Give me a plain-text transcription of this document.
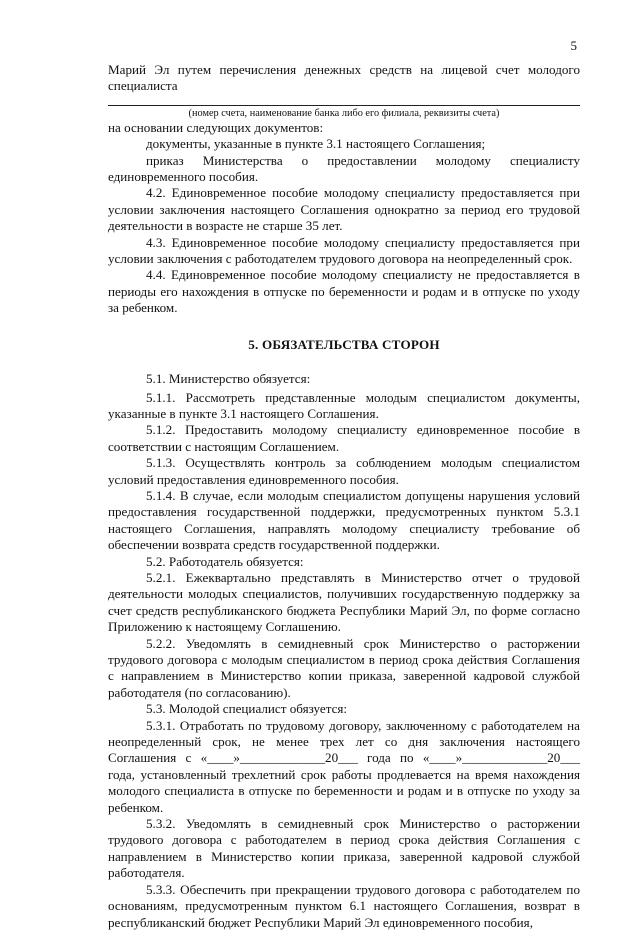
5

Марий Эл путем перечисления денежных средств на лицевой счет молодого специалиста

(номер счета, наименование банка либо его филиала, реквизиты счета)

на основании следующих документов:

документы, указанные в пункте 3.1 настоящего Соглашения;

приказ Министерства о предоставлении молодому специалисту единовременного пособия.

4.2. Единовременное пособие молодому специалисту предоставляется при условии заключения настоящего Соглашения однократно за период его трудовой деятельности в возрасте не старше 35 лет.

4.3. Единовременное пособие молодому специалисту предоставляется при условии заключения с работодателем трудового договора на неопределенный срок.

4.4. Единовременное пособие молодому специалисту не предоставляется в периоды его нахождения в отпуске по беременности и родам и в отпуске по уходу за ребенком.

5. ОБЯЗАТЕЛЬСТВА СТОРОН

5.1. Министерство обязуется:

5.1.1. Рассмотреть представленные молодым специалистом документы, указанные в пункте 3.1 настоящего Соглашения.

5.1.2. Предоставить молодому специалисту единовременное пособие в соответствии с настоящим Соглашением.

5.1.3. Осуществлять контроль за соблюдением молодым специалистом условий предоставления единовременного пособия.

5.1.4. В случае, если молодым специалистом допущены нарушения условий предоставления государственной поддержки, предусмотренных пунктом 5.3.1 настоящего Соглашения, направлять молодому специалисту требование об обеспечении возврата средств государственной поддержки.

5.2. Работодатель обязуется:

5.2.1. Ежеквартально представлять в Министерство отчет о трудовой деятельности молодых специалистов, получивших государственную поддержку за счет средств республиканского бюджета Республики Марий Эл, по форме согласно Приложению к настоящему Соглашению.

5.2.2. Уведомлять в семидневный срок Министерство о расторжении трудового договора с молодым специалистом в период срока действия Соглашения с направлением в Министерство копии приказа, заверенной кадровой службой работодателя (по согласованию).

5.3. Молодой специалист обязуется:

5.3.1. Отработать по трудовому договору, заключенному с работодателем на неопределенный срок, не менее трех лет со дня заключения настоящего Соглашения с «____»_____________20___ года по «____»_____________20___ года, установленный трехлетний срок работы продлевается на время нахождения молодого специалиста в отпуске по беременности и родам и в отпуске по уходу за ребенком.

5.3.2. Уведомлять в семидневный срок Министерство о расторжении трудового договора с работодателем в период срока действия Соглашения с направлением в Министерство копии приказа, заверенной кадровой службой работодателя.

5.3.3. Обеспечить при прекращении трудового договора с работодателем по основаниям, предусмотренным пунктом 6.1 настоящего Соглашения, возврат в республиканский бюджет Республики Марий Эл единовременного пособия,
